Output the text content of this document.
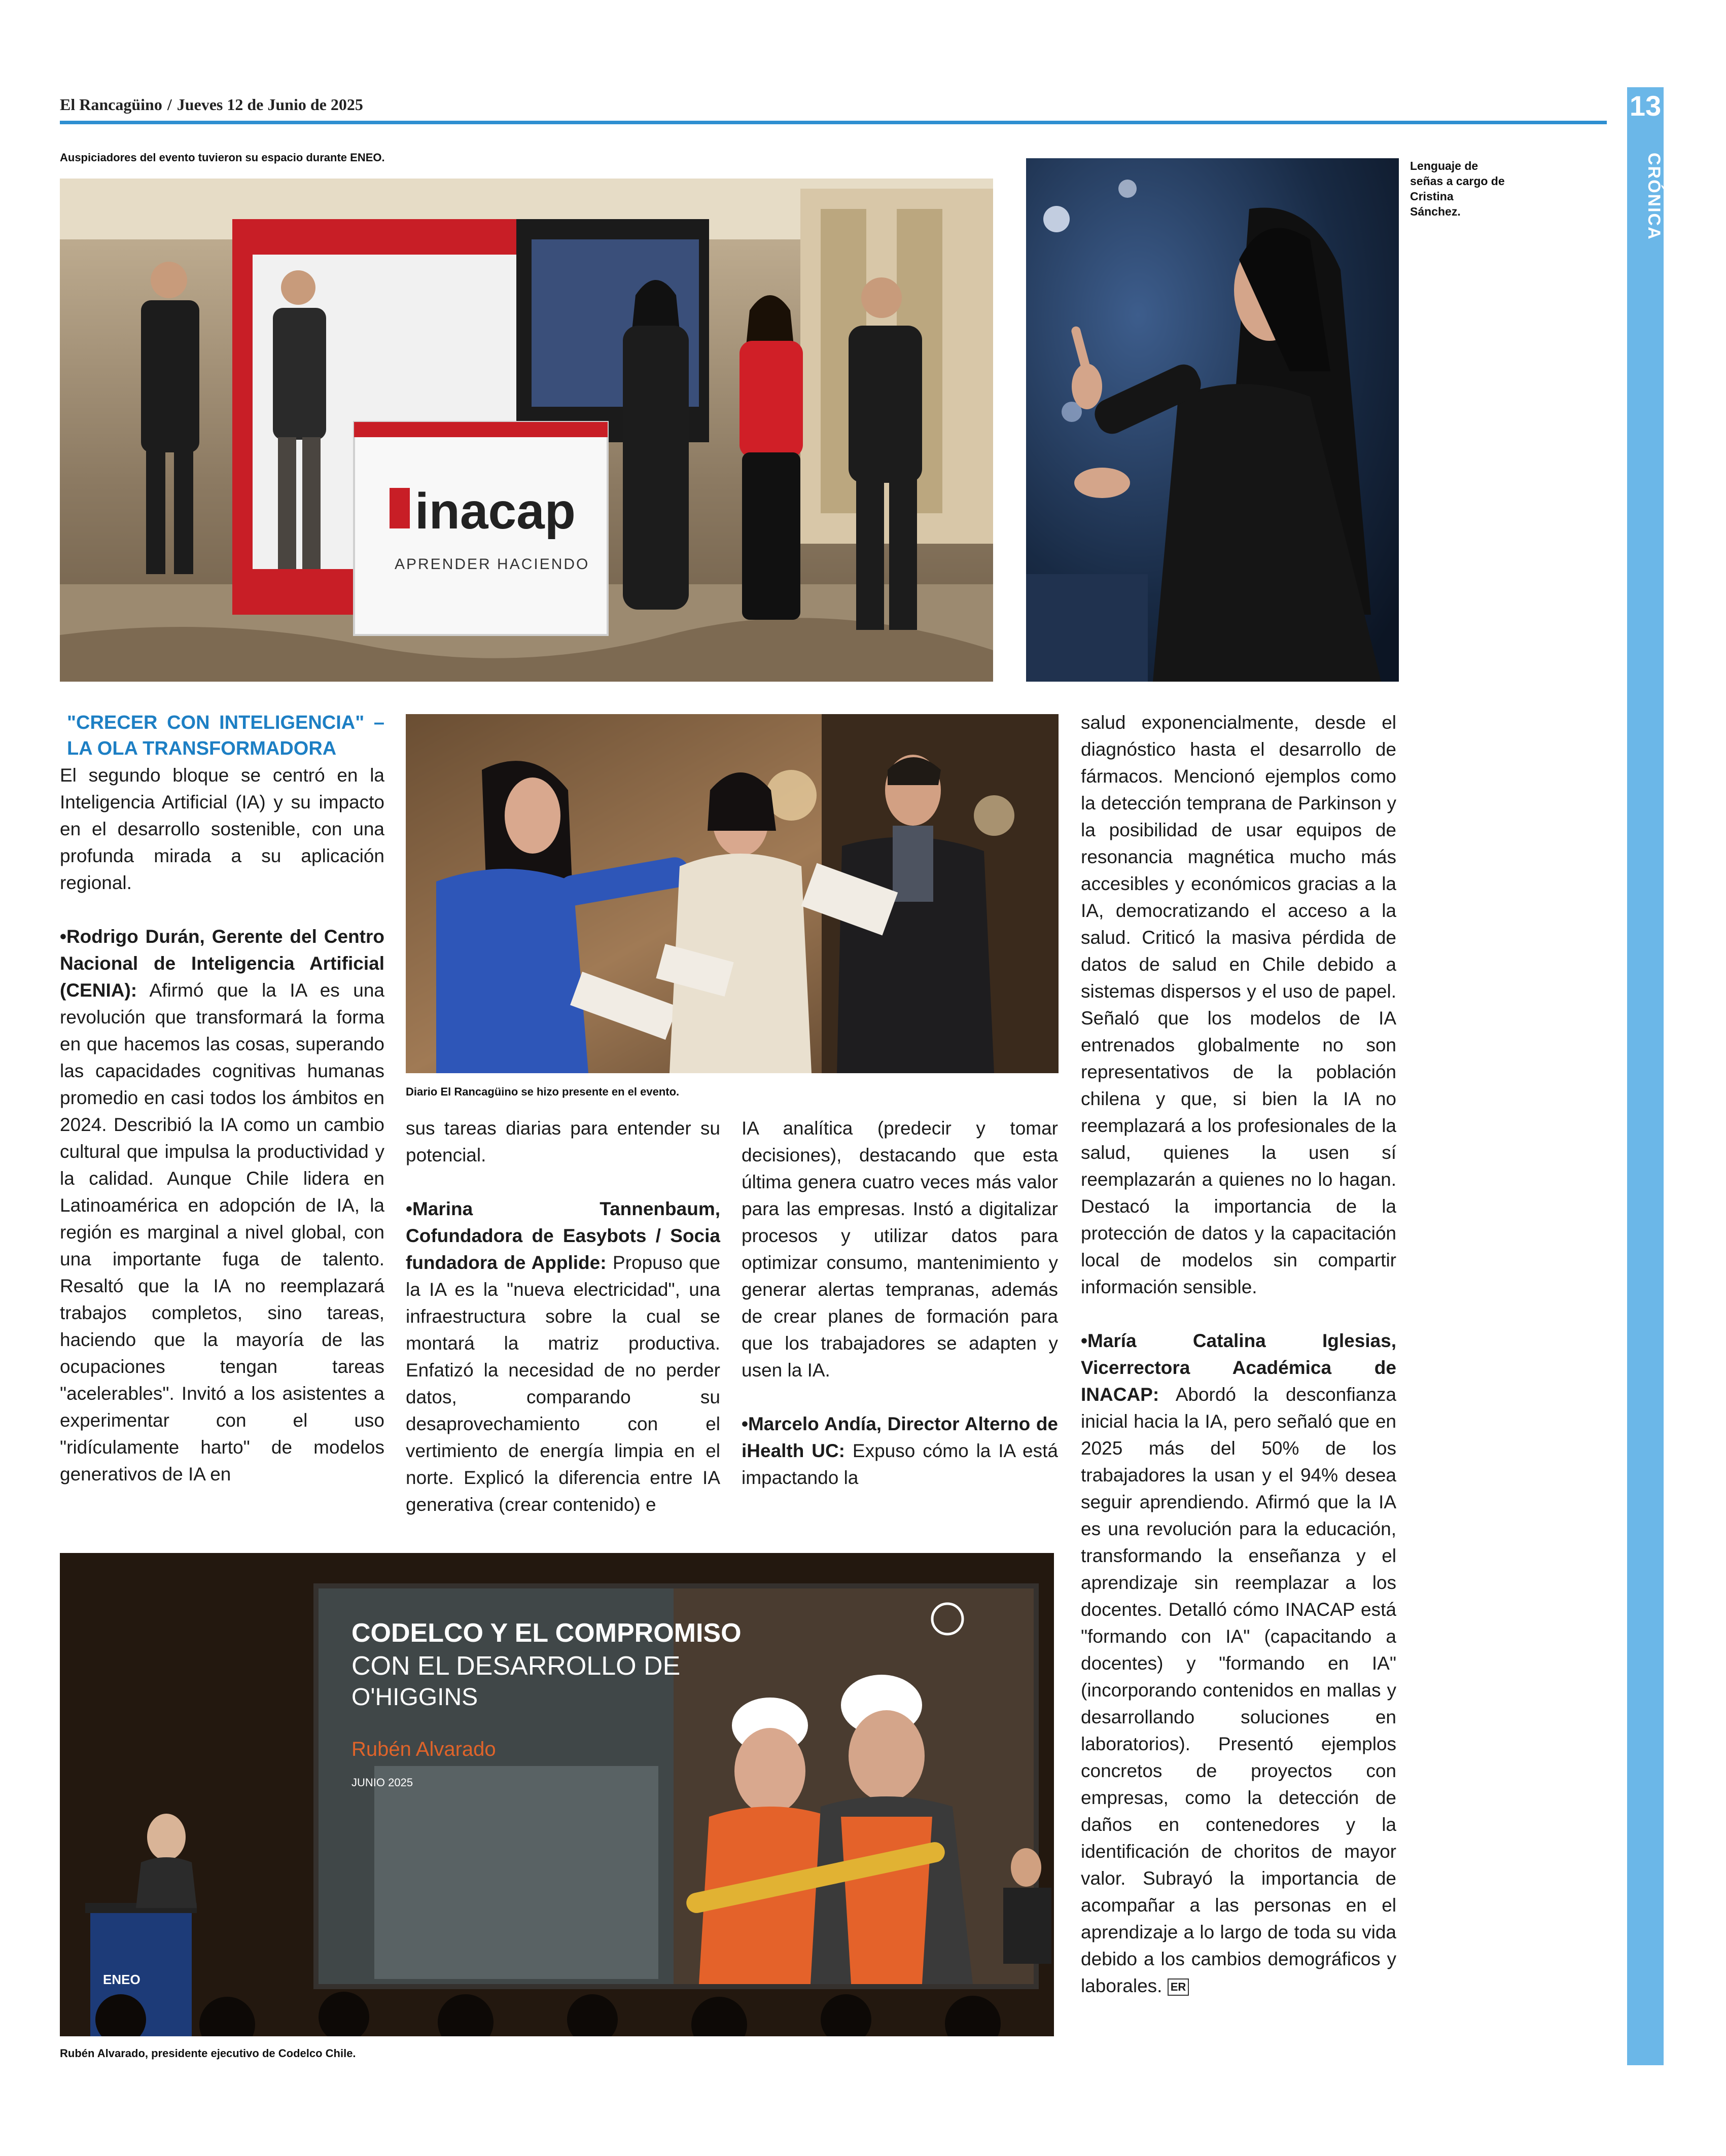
El Rancagüino / Jueves 12 de Junio de 2025	13
CRÓNICA
Auspiciadores del evento tuvieron su espacio durante ENEO.
inacap
APRENDER HACIENDO
Lenguaje de señas a cargo de Cristina Sánchez.
Diario El Rancagüino se hizo presente en el evento.
CODELCO Y EL COMPROMISO
CON EL DESARROLLO DE
O'HIGGINS
Rubén Alvarado
JUNIO 2025
ENEO
Rubén Alvarado, presidente ejecutivo de Codelco Chile.
"CRECER CON INTELIGENCIA" – LA OLA TRANSFORMADORA

El segundo bloque se centró en la Inteligencia Artificial (IA) y su impacto en el desarrollo sostenible, con una profunda mirada a su aplicación regional.

•Rodrigo Durán, Gerente del Centro Nacional de Inteligencia Artificial (CENIA): Afirmó que la IA es una revolución que transformará la forma en que hacemos las cosas, superando las capacidades cognitivas humanas promedio en casi todos los ámbitos en 2024. Describió la IA como un cambio cultural que impulsa la productividad y la calidad. Aunque Chile lidera en Latinoamérica en adopción de IA, la región es marginal a nivel global, con una importante fuga de talento. Resaltó que la IA no reemplazará trabajos completos, sino tareas, haciendo que la mayoría de las ocupaciones tengan tareas "acelerables". Invitó a los asistentes a experimentar con el uso "ridículamente harto" de modelos generativos de IA en

sus tareas diarias para entender su potencial.

•Marina Tannenbaum, Cofundadora de Easybots / Socia fundadora de Applide: Propuso que la IA es la "nueva electricidad", una infraestructura sobre la cual se montará la matriz productiva. Enfatizó la necesidad de no perder datos, comparando su desaprovechamiento con el vertimiento de energía limpia en el norte. Explicó la diferencia entre IA generativa (crear contenido) e

IA analítica (predecir y tomar decisiones), destacando que esta última genera cuatro veces más valor para las empresas. Instó a digitalizar procesos y utilizar datos para optimizar consumo, mantenimiento y generar alertas tempranas, además de crear planes de formación para que los trabajadores se adapten y usen la IA.

•Marcelo Andía, Director Alterno de iHealth UC: Expuso cómo la IA está impactando la

salud exponencialmente, desde el diagnóstico hasta el desarrollo de fármacos. Mencionó ejemplos como la detección temprana de Parkinson y la posibilidad de usar equipos de resonancia magnética mucho más accesibles y económicos gracias a la IA, democratizando el acceso a la salud. Criticó la masiva pérdida de datos de salud en Chile debido a sistemas dispersos y el uso de papel. Señaló que los modelos de IA entrenados globalmente no son representativos de la población chilena y que, si bien la IA no reemplazará a los profesionales de la salud, quienes la usen sí reemplazarán a quienes no lo hagan. Destacó la importancia de la protección de datos y la capacitación local de modelos sin compartir información sensible.

•María Catalina Iglesias, Vicerrectora Académica de INACAP: Abordó la desconfianza inicial hacia la IA, pero señaló que en 2025 más del 50% de los trabajadores la usan y el 94% desea seguir aprendiendo. Afirmó que la IA es una revolución para la educación, transformando la enseñanza y el aprendizaje sin reemplazar a los docentes. Detalló cómo INACAP está "formando con IA" (capacitando a docentes) y "formando en IA" (incorporando contenidos en mallas y desarrollando soluciones en laboratorios). Presentó ejemplos concretos de proyectos con empresas, como la detección de daños en contenedores y la identificación de choritos de mayor valor. Subrayó la importancia de acompañar a las personas en el aprendizaje a lo largo de toda su vida debido a los cambios demográficos y laborales. ER
